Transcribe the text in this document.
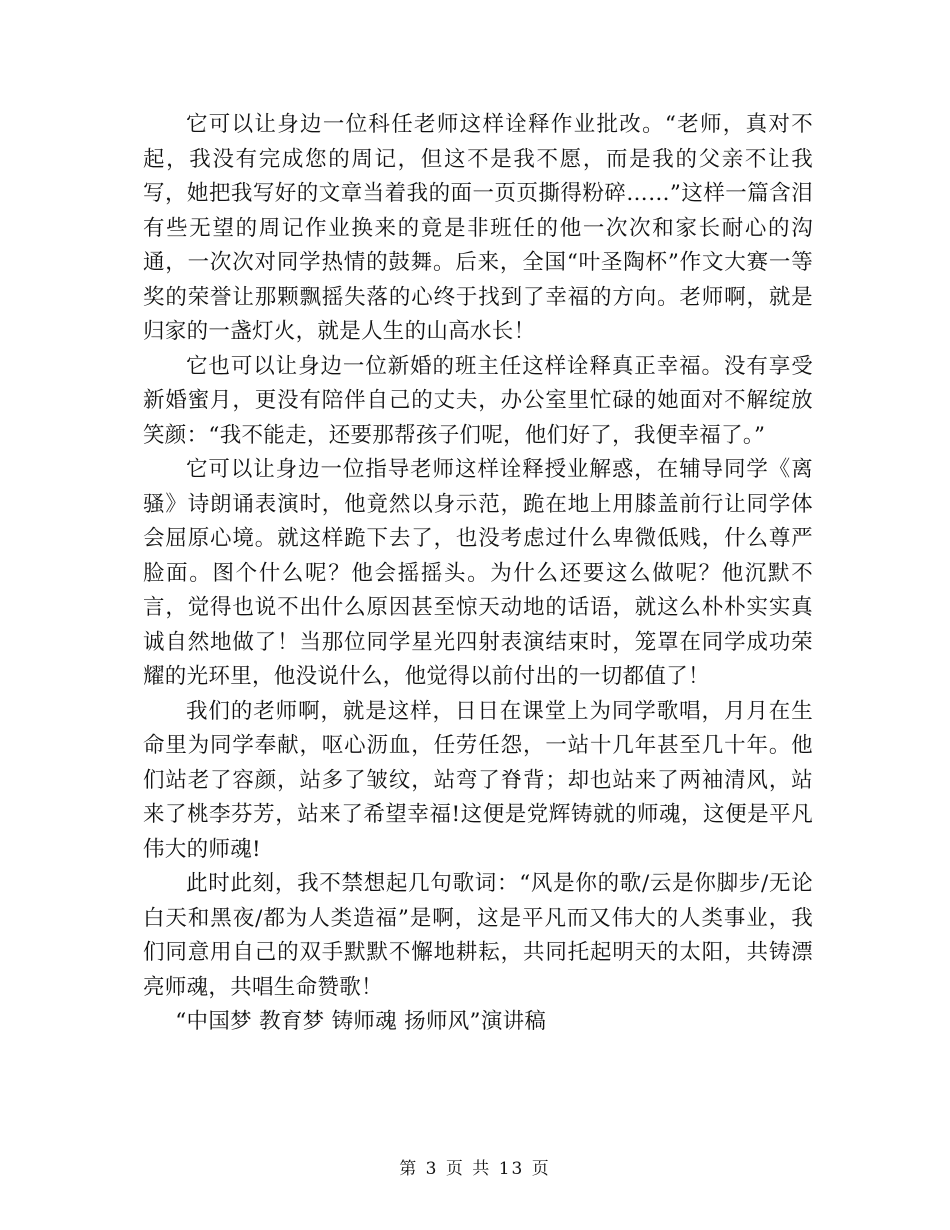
它可以让身边一位科任老师这样诠释作业批改。“老师，真对不起，我没有完成您的周记，但这不是我不愿，而是我的父亲不让我写，她把我写好的文章当着我的面一页页撕得粉碎……”这样一篇含泪有些无望的周记作业换来的竟是非班任的他一次次和家长耐心的沟通，一次次对同学热情的鼓舞。后来，全国“叶圣陶杯”作文大赛一等奖的荣誉让那颗飘摇失落的心终于找到了幸福的方向。老师啊，就是归家的一盏灯火，就是人生的山高水长！

它也可以让身边一位新婚的班主任这样诠释真正幸福。没有享受新婚蜜月，更没有陪伴自己的丈夫，办公室里忙碌的她面对不解绽放笑颜：“我不能走，还要那帮孩子们呢，他们好了，我便幸福了。”

它可以让身边一位指导老师这样诠释授业解惑，在辅导同学《离骚》诗朗诵表演时，他竟然以身示范，跪在地上用膝盖前行让同学体会屈原心境。就这样跪下去了，也没考虑过什么卑微低贱，什么尊严脸面。图个什么呢？他会摇摇头。为什么还要这么做呢？他沉默不言，觉得也说不出什么原因甚至惊天动地的话语，就这么朴朴实实真诚自然地做了！当那位同学星光四射表演结束时，笼罩在同学成功荣耀的光环里，他没说什么，他觉得以前付出的一切都值了！

我们的老师啊，就是这样，日日在课堂上为同学歌唱，月月在生命里为同学奉献，呕心沥血，任劳任怨，一站十几年甚至几十年。他们站老了容颜，站多了皱纹，站弯了脊背；却也站来了两袖清风，站来了桃李芬芳，站来了希望幸福!这便是党辉铸就的师魂，这便是平凡伟大的师魂!

此时此刻，我不禁想起几句歌词：“风是你的歌/云是你脚步/无论白天和黑夜/都为人类造福”是啊，这是平凡而又伟大的人类事业，我们同意用自己的双手默默不懈地耕耘，共同托起明天的太阳，共铸漂亮师魂，共唱生命赞歌！

“中国梦 教育梦 铸师魂 扬师风”演讲稿

第 3 页 共 13 页
